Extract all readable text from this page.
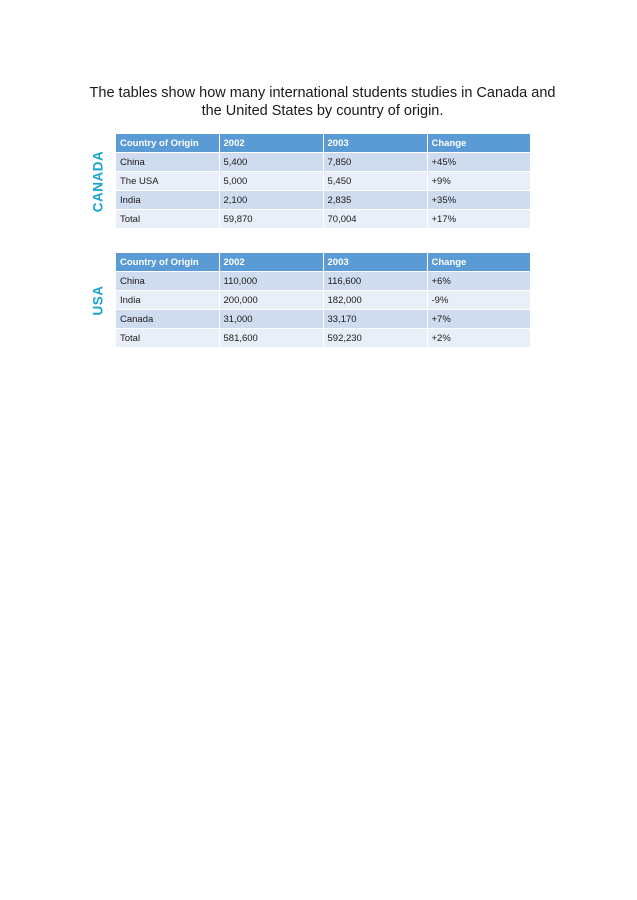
The tables show how many international students studies in Canada and
the United States by country of origin.
CANADA
Country of Origin	2002	2003	Change
China	5,400	7,850	+45%
The USA	5,000	5,450	+9%
India	2,100	2,835	+35%
Total	59,870	70,004	+17%
USA
Country of Origin	2002	2003	Change
China	110,000	116,600	+6%
India	200,000	182,000	-9%
Canada	31,000	33,170	+7%
Total	581,600	592,230	+2%
